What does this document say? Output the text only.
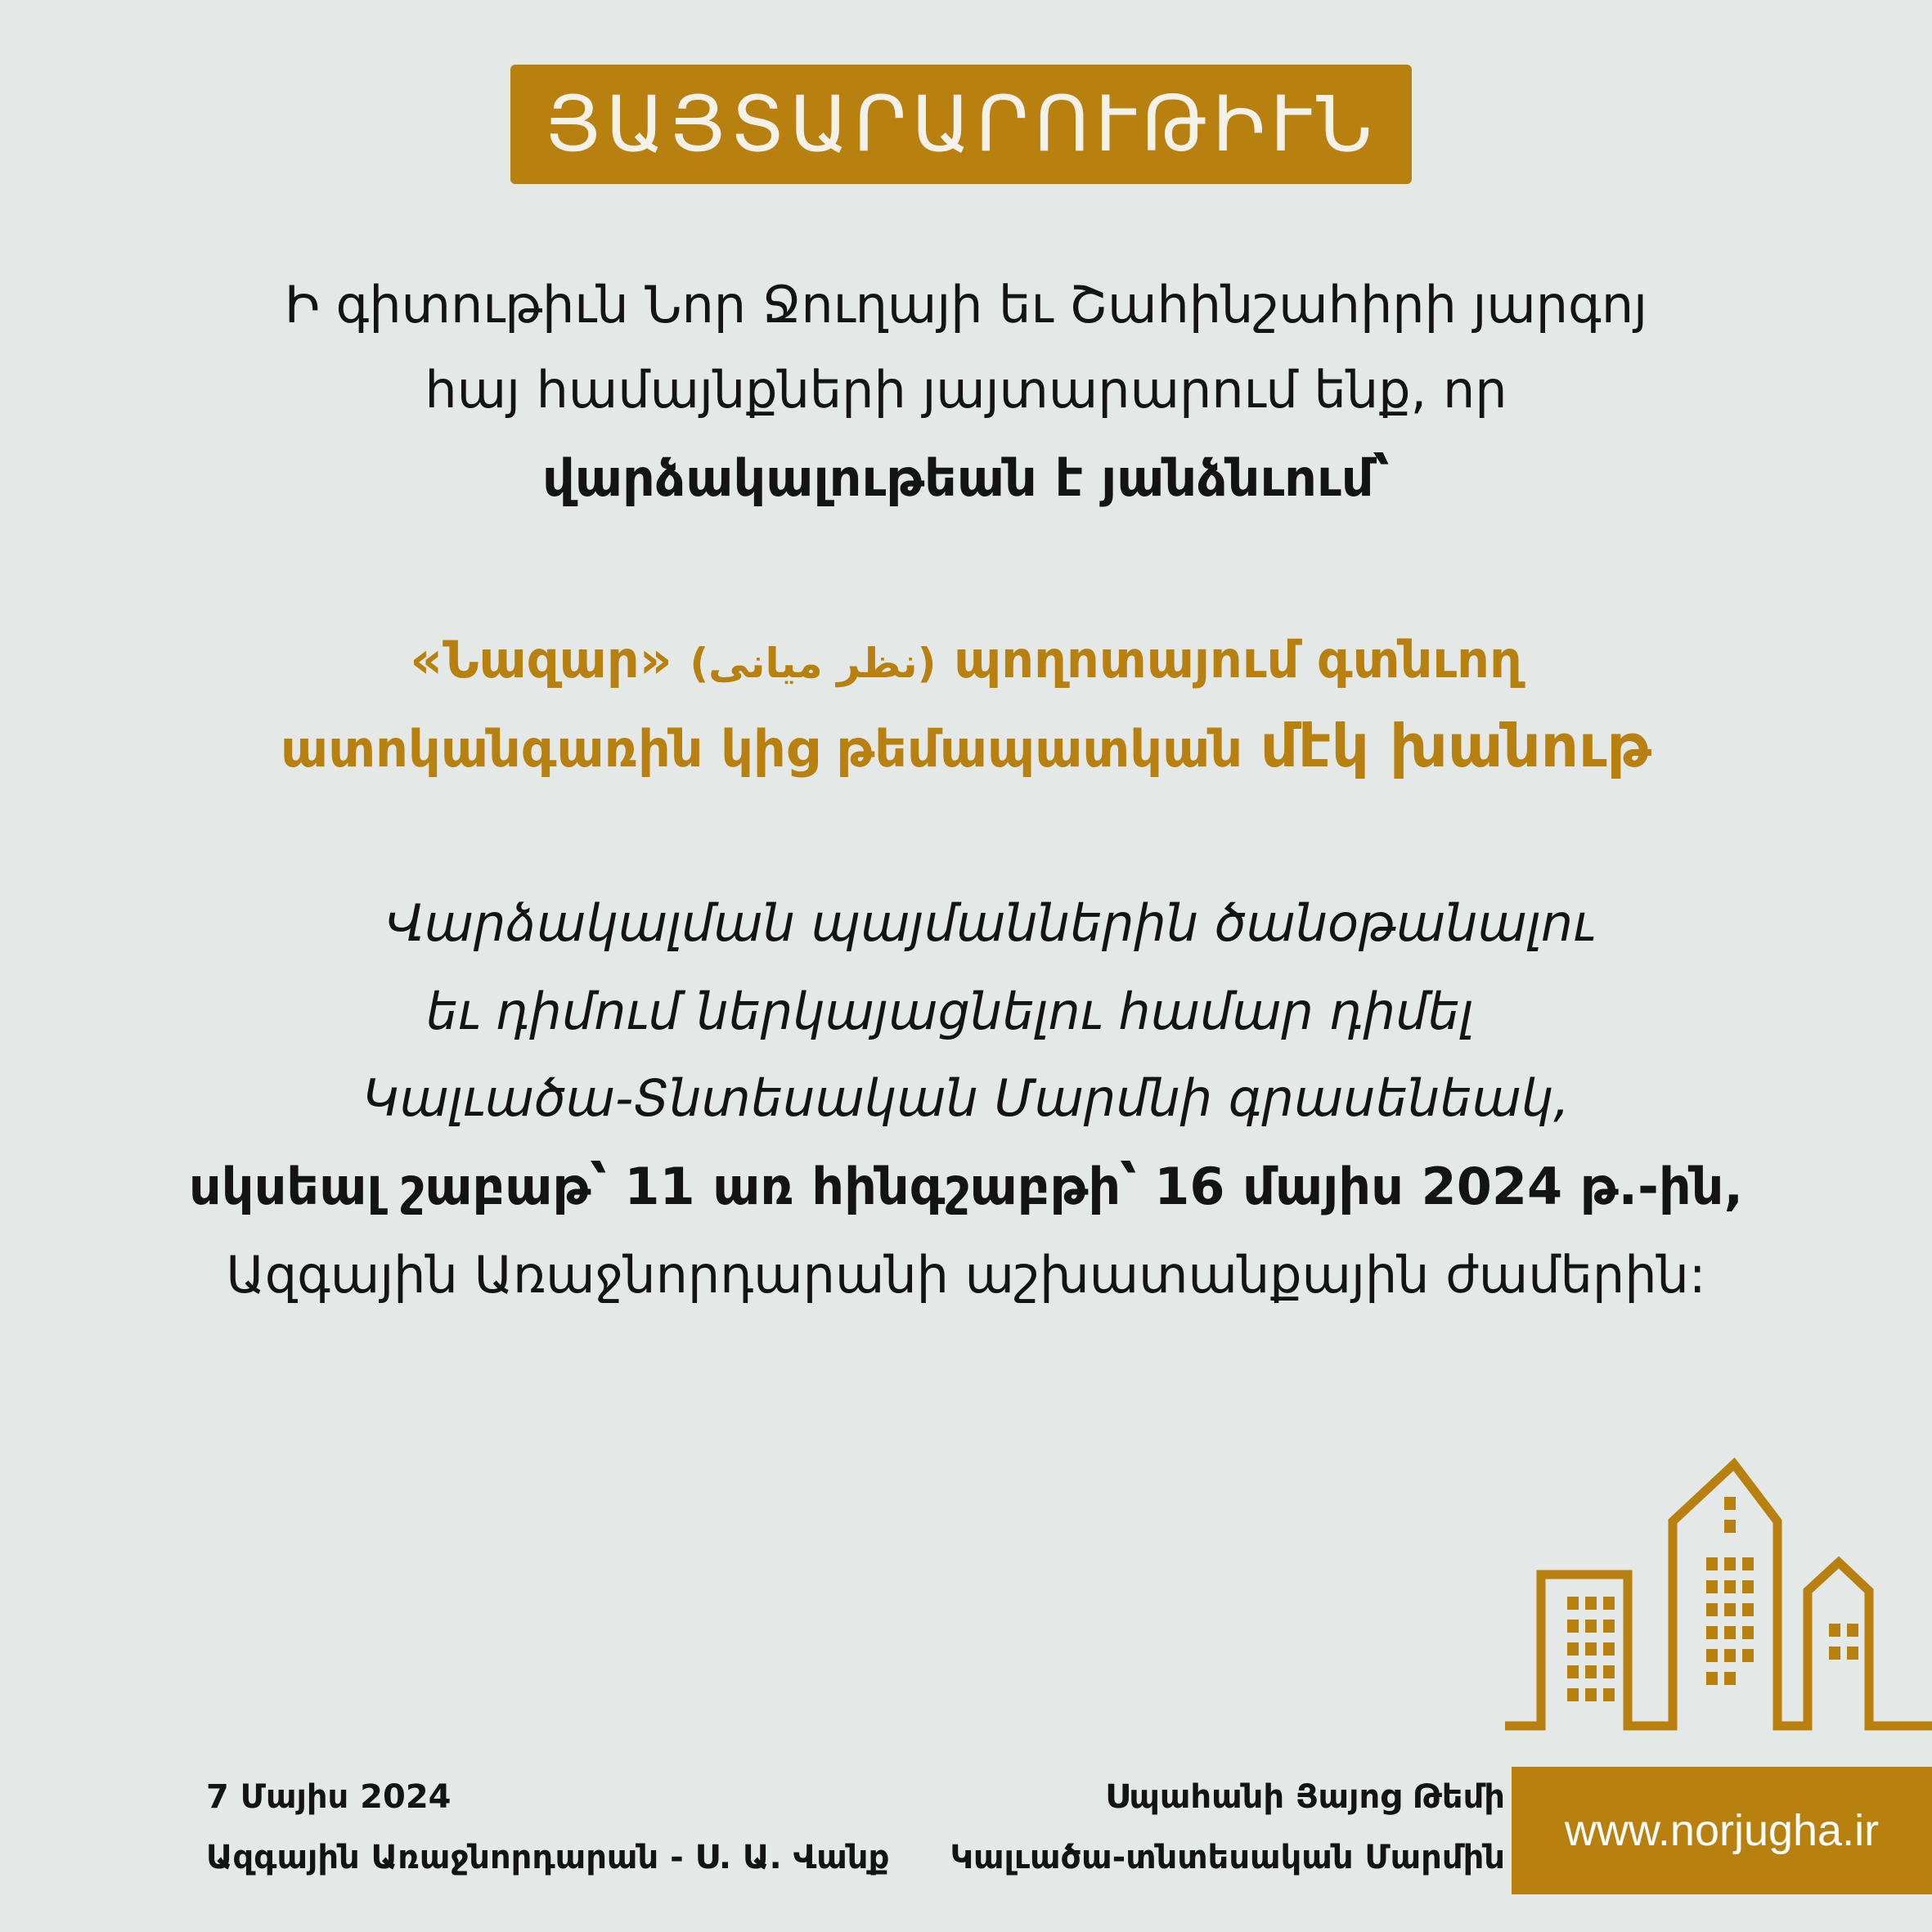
ՅԱՅՏԱՐԱՐՈՒԹԻՒՆ
Ի գիտութիւն Նոր Ջուղայի եւ Շահինշահիրի յարգոյ
հայ համայնքների յայտարարում ենք, որ
վարձակալութեան է յանձնւում՝
«Նազար» (نظر میانی) պողոտայում գտնւող
ատոկանգառին կից թեմապատկան մէկ խանութ
Վարձակալման պայմաններին ծանօթանալու
եւ դիմում ներկայացնելու համար դիմել
Կալւածա-Տնտեսական Մարմնի գրասենեակ,
սկսեալ շաբաթ՝ 11 առ հինգշաբթի՝ 16 մայիս 2024 թ.-ին,
Ազգային Առաջնորդարանի աշխատանքային ժամերին:
7 Մայիս 2024
Ազգային Առաջնորդարան - Ս. Ա. Վանք
Սպահանի Յայոց Թեմի
Կալւածա-տնտեսական Մարմին
www.norjugha.ir
